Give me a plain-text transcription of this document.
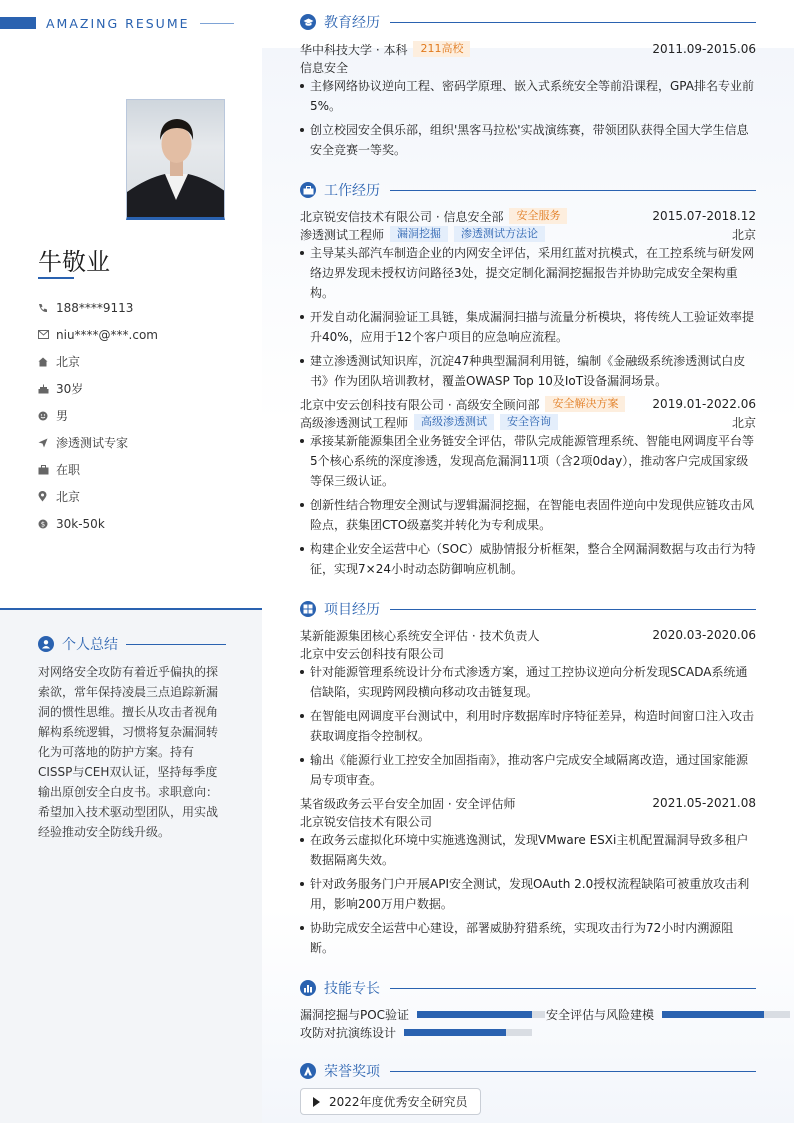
AMAZING RESUME
牛敬业
188****9113
niu****@***.com
北京
30岁
男
渗透测试专家
在职
北京
$ 30k-50k
个人总结
对网络安全攻防有着近乎偏执的探索欲，常年保持凌晨三点追踪新漏洞的惯性思维。擅长从攻击者视角解构系统逻辑，习惯将复杂漏洞转化为可落地的防护方案。持有CISSP与CEH双认证，坚持每季度输出原创安全白皮书。求职意向：希望加入技术驱动型团队，用实战经验推动安全防线升级。
教育经历
华中科技大学 · 本科	211高校	2011.09-2015.06
信息安全
主修网络协议逆向工程、密码学原理、嵌入式系统安全等前沿课程，GPA排名专业前5%。
创立校园安全俱乐部，组织'黑客马拉松'实战演练赛，带领团队获得全国大学生信息安全竞赛一等奖。
工作经历
北京锐安信技术有限公司 · 信息安全部	安全服务	2015.07-2018.12
渗透测试工程师	漏洞挖掘	渗透测试方法论	北京
主导某头部汽车制造企业的内网安全评估，采用红蓝对抗模式，在工控系统与研发网络边界发现未授权访问路径3处，提交定制化漏洞挖掘报告并协助完成安全架构重构。
开发自动化漏洞验证工具链，集成漏洞扫描与流量分析模块，将传统人工验证效率提升40%，应用于12个客户项目的应急响应流程。
建立渗透测试知识库，沉淀47种典型漏洞利用链，编制《金融级系统渗透测试白皮书》作为团队培训教材，覆盖OWASP Top 10及IoT设备漏洞场景。
北京中安云创科技有限公司 · 高级安全顾问部	安全解决方案	2019.01-2022.06
高级渗透测试工程师	高级渗透测试	安全咨询	北京
承接某新能源集团全业务链安全评估，带队完成能源管理系统、智能电网调度平台等5个核心系统的深度渗透，发现高危漏洞11项（含2项0day），推动客户完成国家级等保三级认证。
创新性结合物理安全测试与逻辑漏洞挖掘，在智能电表固件逆向中发现供应链攻击风险点，获集团CTO级嘉奖并转化为专利成果。
构建企业安全运营中心（SOC）威胁情报分析框架，整合全网漏洞数据与攻击行为特征，实现7×24小时动态防御响应机制。
项目经历
某新能源集团核心系统安全评估 · 技术负责人	2020.03-2020.06
北京中安云创科技有限公司
针对能源管理系统设计分布式渗透方案，通过工控协议逆向分析发现SCADA系统通信缺陷，实现跨网段横向移动攻击链复现。
在智能电网调度平台测试中，利用时序数据库时序特征差异，构造时间窗口注入攻击获取调度指令控制权。
输出《能源行业工控安全加固指南》，推动客户完成安全域隔离改造，通过国家能源局专项审查。
某省级政务云平台安全加固 · 安全评估师	2021.05-2021.08
北京锐安信技术有限公司
在政务云虚拟化环境中实施逃逸测试，发现VMware ESXi主机配置漏洞导致多租户数据隔离失效。
针对政务服务门户开展API安全测试，发现OAuth 2.0授权流程缺陷可被重放攻击利用，影响200万用户数据。
协助完成安全运营中心建设，部署威胁狩猎系统，实现攻击行为72小时内溯源阻断。
技能专长
漏洞挖掘与POC验证	安全评估与风险建模
攻防对抗演练设计
荣誉奖项
2022年度优秀安全研究员
